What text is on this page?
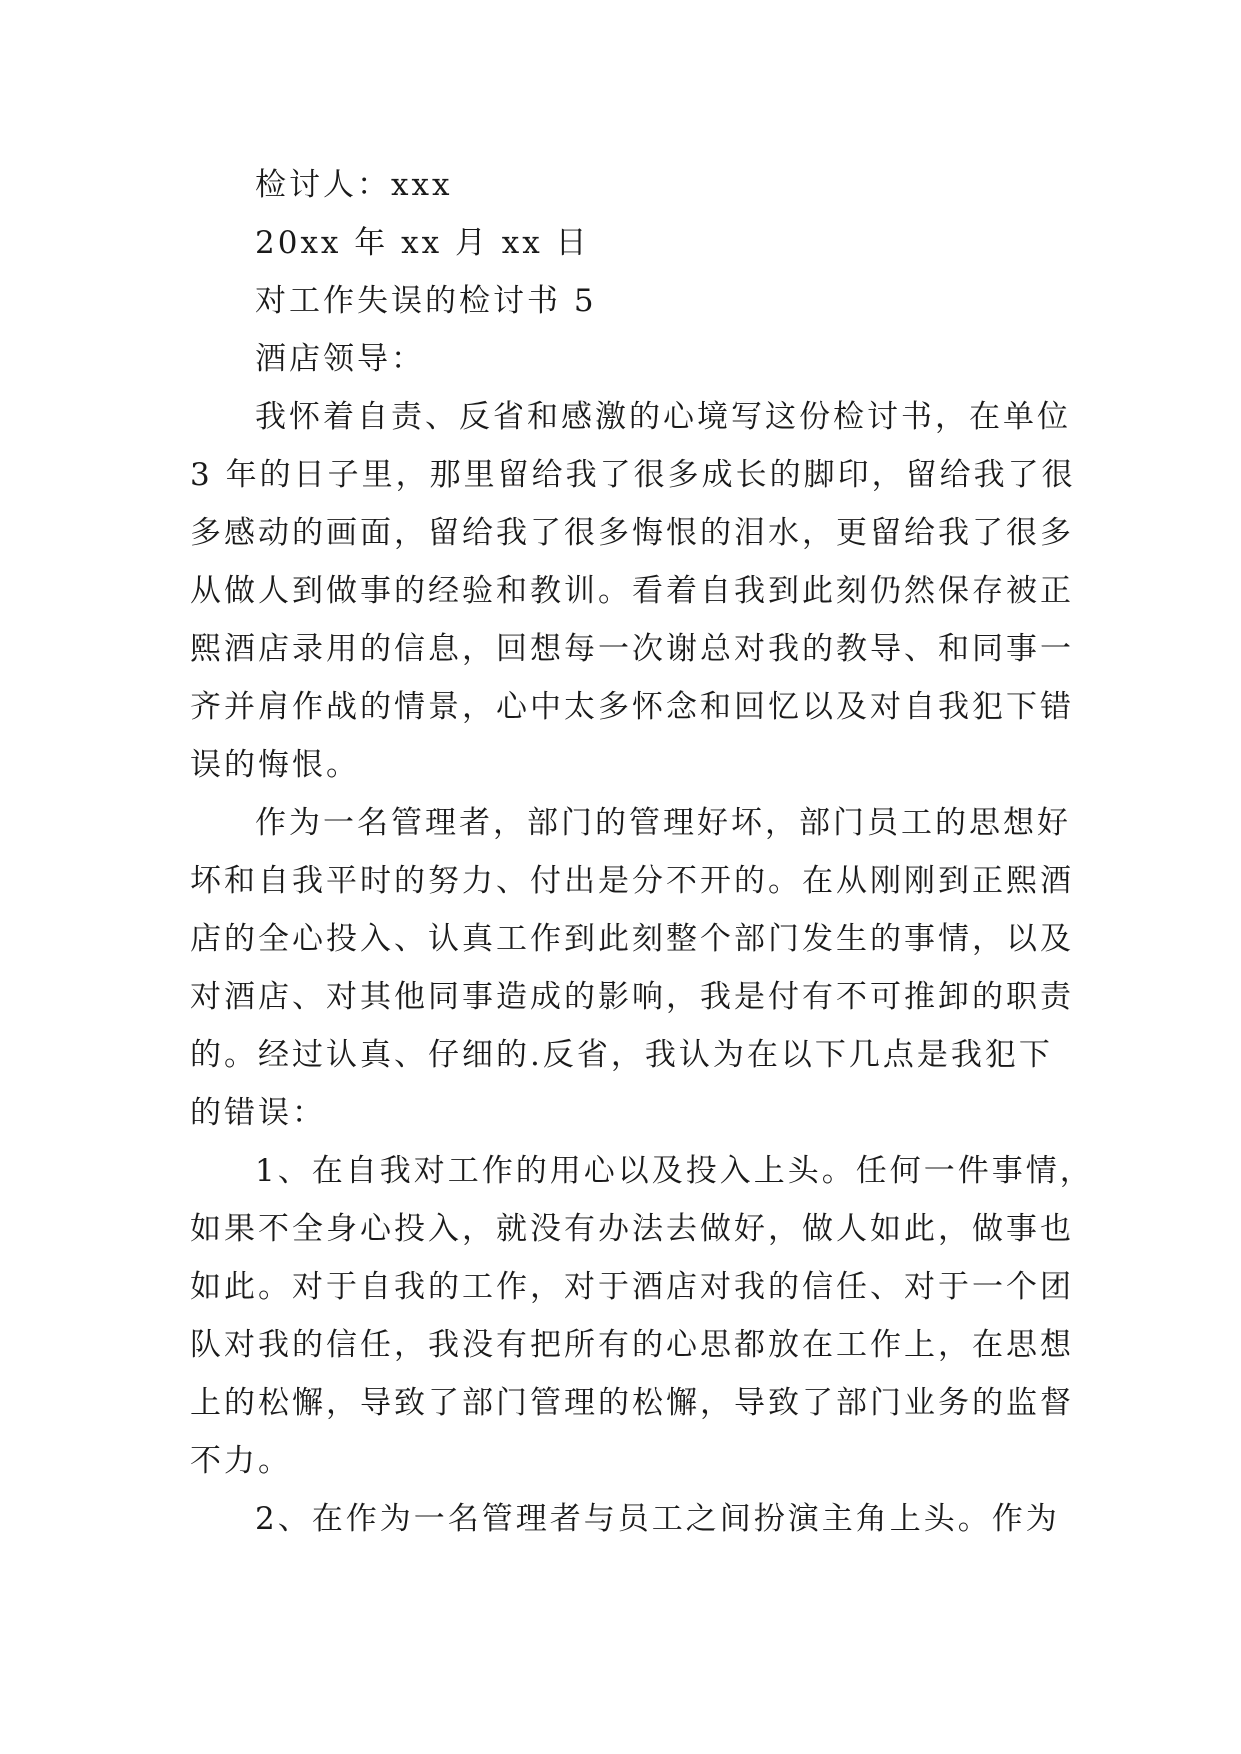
检讨人：xxx

20xx 年 xx 月 xx 日

对工作失误的检讨书 5

酒店领导：

我怀着自责、反省和感激的心境写这份检讨书，在单位

3 年的日子里，那里留给我了很多成长的脚印，留给我了很

多感动的画面，留给我了很多悔恨的泪水，更留给我了很多

从做人到做事的经验和教训。看着自我到此刻仍然保存被正

熙酒店录用的信息，回想每一次谢总对我的教导、和同事一

齐并肩作战的情景，心中太多怀念和回忆以及对自我犯下错

误的悔恨。

作为一名管理者，部门的管理好坏，部门员工的思想好

坏和自我平时的努力、付出是分不开的。在从刚刚到正熙酒

店的全心投入、认真工作到此刻整个部门发生的事情，以及

对酒店、对其他同事造成的影响，我是付有不可推卸的职责

的。经过认真、仔细的.反省，我认为在以下几点是我犯下

的错误：

1、在自我对工作的用心以及投入上头。任何一件事情，

如果不全身心投入，就没有办法去做好，做人如此，做事也

如此。对于自我的工作，对于酒店对我的信任、对于一个团

队对我的信任，我没有把所有的心思都放在工作上，在思想

上的松懈，导致了部门管理的松懈，导致了部门业务的监督

不力。

2、在作为一名管理者与员工之间扮演主角上头。作为
